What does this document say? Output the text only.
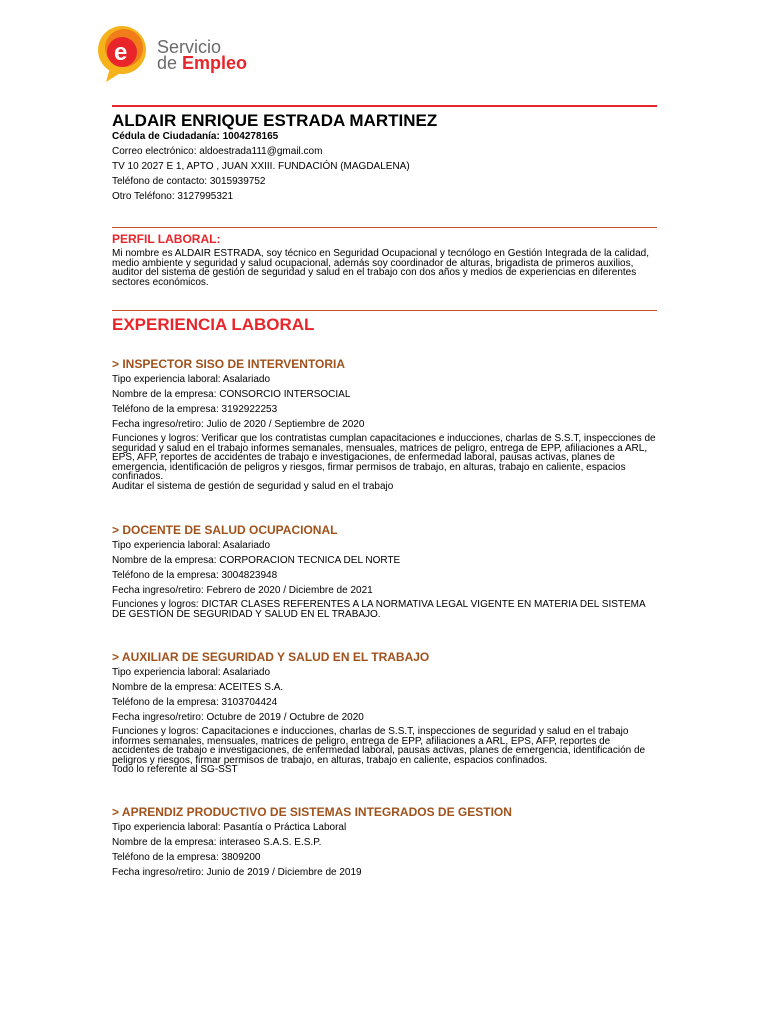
e Servicio
de Empleo

ALDAIR ENRIQUE ESTRADA MARTINEZ

Cédula de Ciudadanía: 1004278165

Correo electrónico: aldoestrada111@gmail.com

TV 10 2027 E 1, APTO , JUAN XXIII. FUNDACIÓN (MAGDALENA)

Teléfono de contacto: 3015939752

Otro Teléfono: 3127995321

PERFIL LABORAL:

Mi nombre es ALDAIR ESTRADA, soy técnico en Seguridad Ocupacional y tecnólogo en Gestión Integrada de la calidad, medio ambiente y seguridad y salud ocupacional, además soy coordinador de alturas, brigadista de primeros auxilios, auditor del sistema de gestión de seguridad y salud en el trabajo con dos años y medios de experiencias en diferentes sectores económicos.

EXPERIENCIA LABORAL

> INSPECTOR SISO DE INTERVENTORIA

Tipo experiencia laboral: Asalariado

Nombre de la empresa: CONSORCIO INTERSOCIAL

Teléfono de la empresa: 3192922253

Fecha ingreso/retiro: Julio de 2020 / Septiembre de 2020

Funciones y logros: Verificar que los contratistas cumplan capacitaciones e inducciones, charlas de S.S.T, inspecciones de seguridad y salud en el trabajo informes semanales, mensuales, matrices de peligro, entrega de EPP, afiliaciones a ARL, EPS, AFP, reportes de accidentes de trabajo e investigaciones, de enfermedad laboral, pausas activas, planes de emergencia, identificación de peligros y riesgos, firmar permisos de trabajo, en alturas, trabajo en caliente, espacios confinados.

Auditar el sistema de gestión de seguridad y salud en el trabajo

> DOCENTE DE SALUD OCUPACIONAL

Tipo experiencia laboral: Asalariado

Nombre de la empresa: CORPORACION TECNICA DEL NORTE

Teléfono de la empresa: 3004823948

Fecha ingreso/retiro: Febrero de 2020 / Diciembre de 2021

Funciones y logros: DICTAR CLASES REFERENTES A LA NORMATIVA LEGAL VIGENTE EN MATERIA DEL SISTEMA DE GESTION DE SEGURIDAD Y SALUD EN EL TRABAJO.

> AUXILIAR DE SEGURIDAD Y SALUD EN EL TRABAJO

Tipo experiencia laboral: Asalariado

Nombre de la empresa: ACEITES S.A.

Teléfono de la empresa: 3103704424

Fecha ingreso/retiro: Octubre de 2019 / Octubre de 2020

Funciones y logros: Capacitaciones e inducciones, charlas de S.S.T, inspecciones de seguridad y salud en el trabajo informes semanales, mensuales, matrices de peligro, entrega de EPP, afiliaciones a ARL, EPS, AFP, reportes de accidentes de trabajo e investigaciones, de enfermedad laboral, pausas activas, planes de emergencia, identificación de peligros y riesgos, firmar permisos de trabajo, en alturas, trabajo en caliente, espacios confinados.

Todo lo referente al SG-SST

> APRENDIZ PRODUCTIVO DE SISTEMAS INTEGRADOS DE GESTION

Tipo experiencia laboral: Pasantía o Práctica Laboral

Nombre de la empresa: interaseo S.A.S. E.S.P.

Teléfono de la empresa: 3809200

Fecha ingreso/retiro: Junio de 2019 / Diciembre de 2019
